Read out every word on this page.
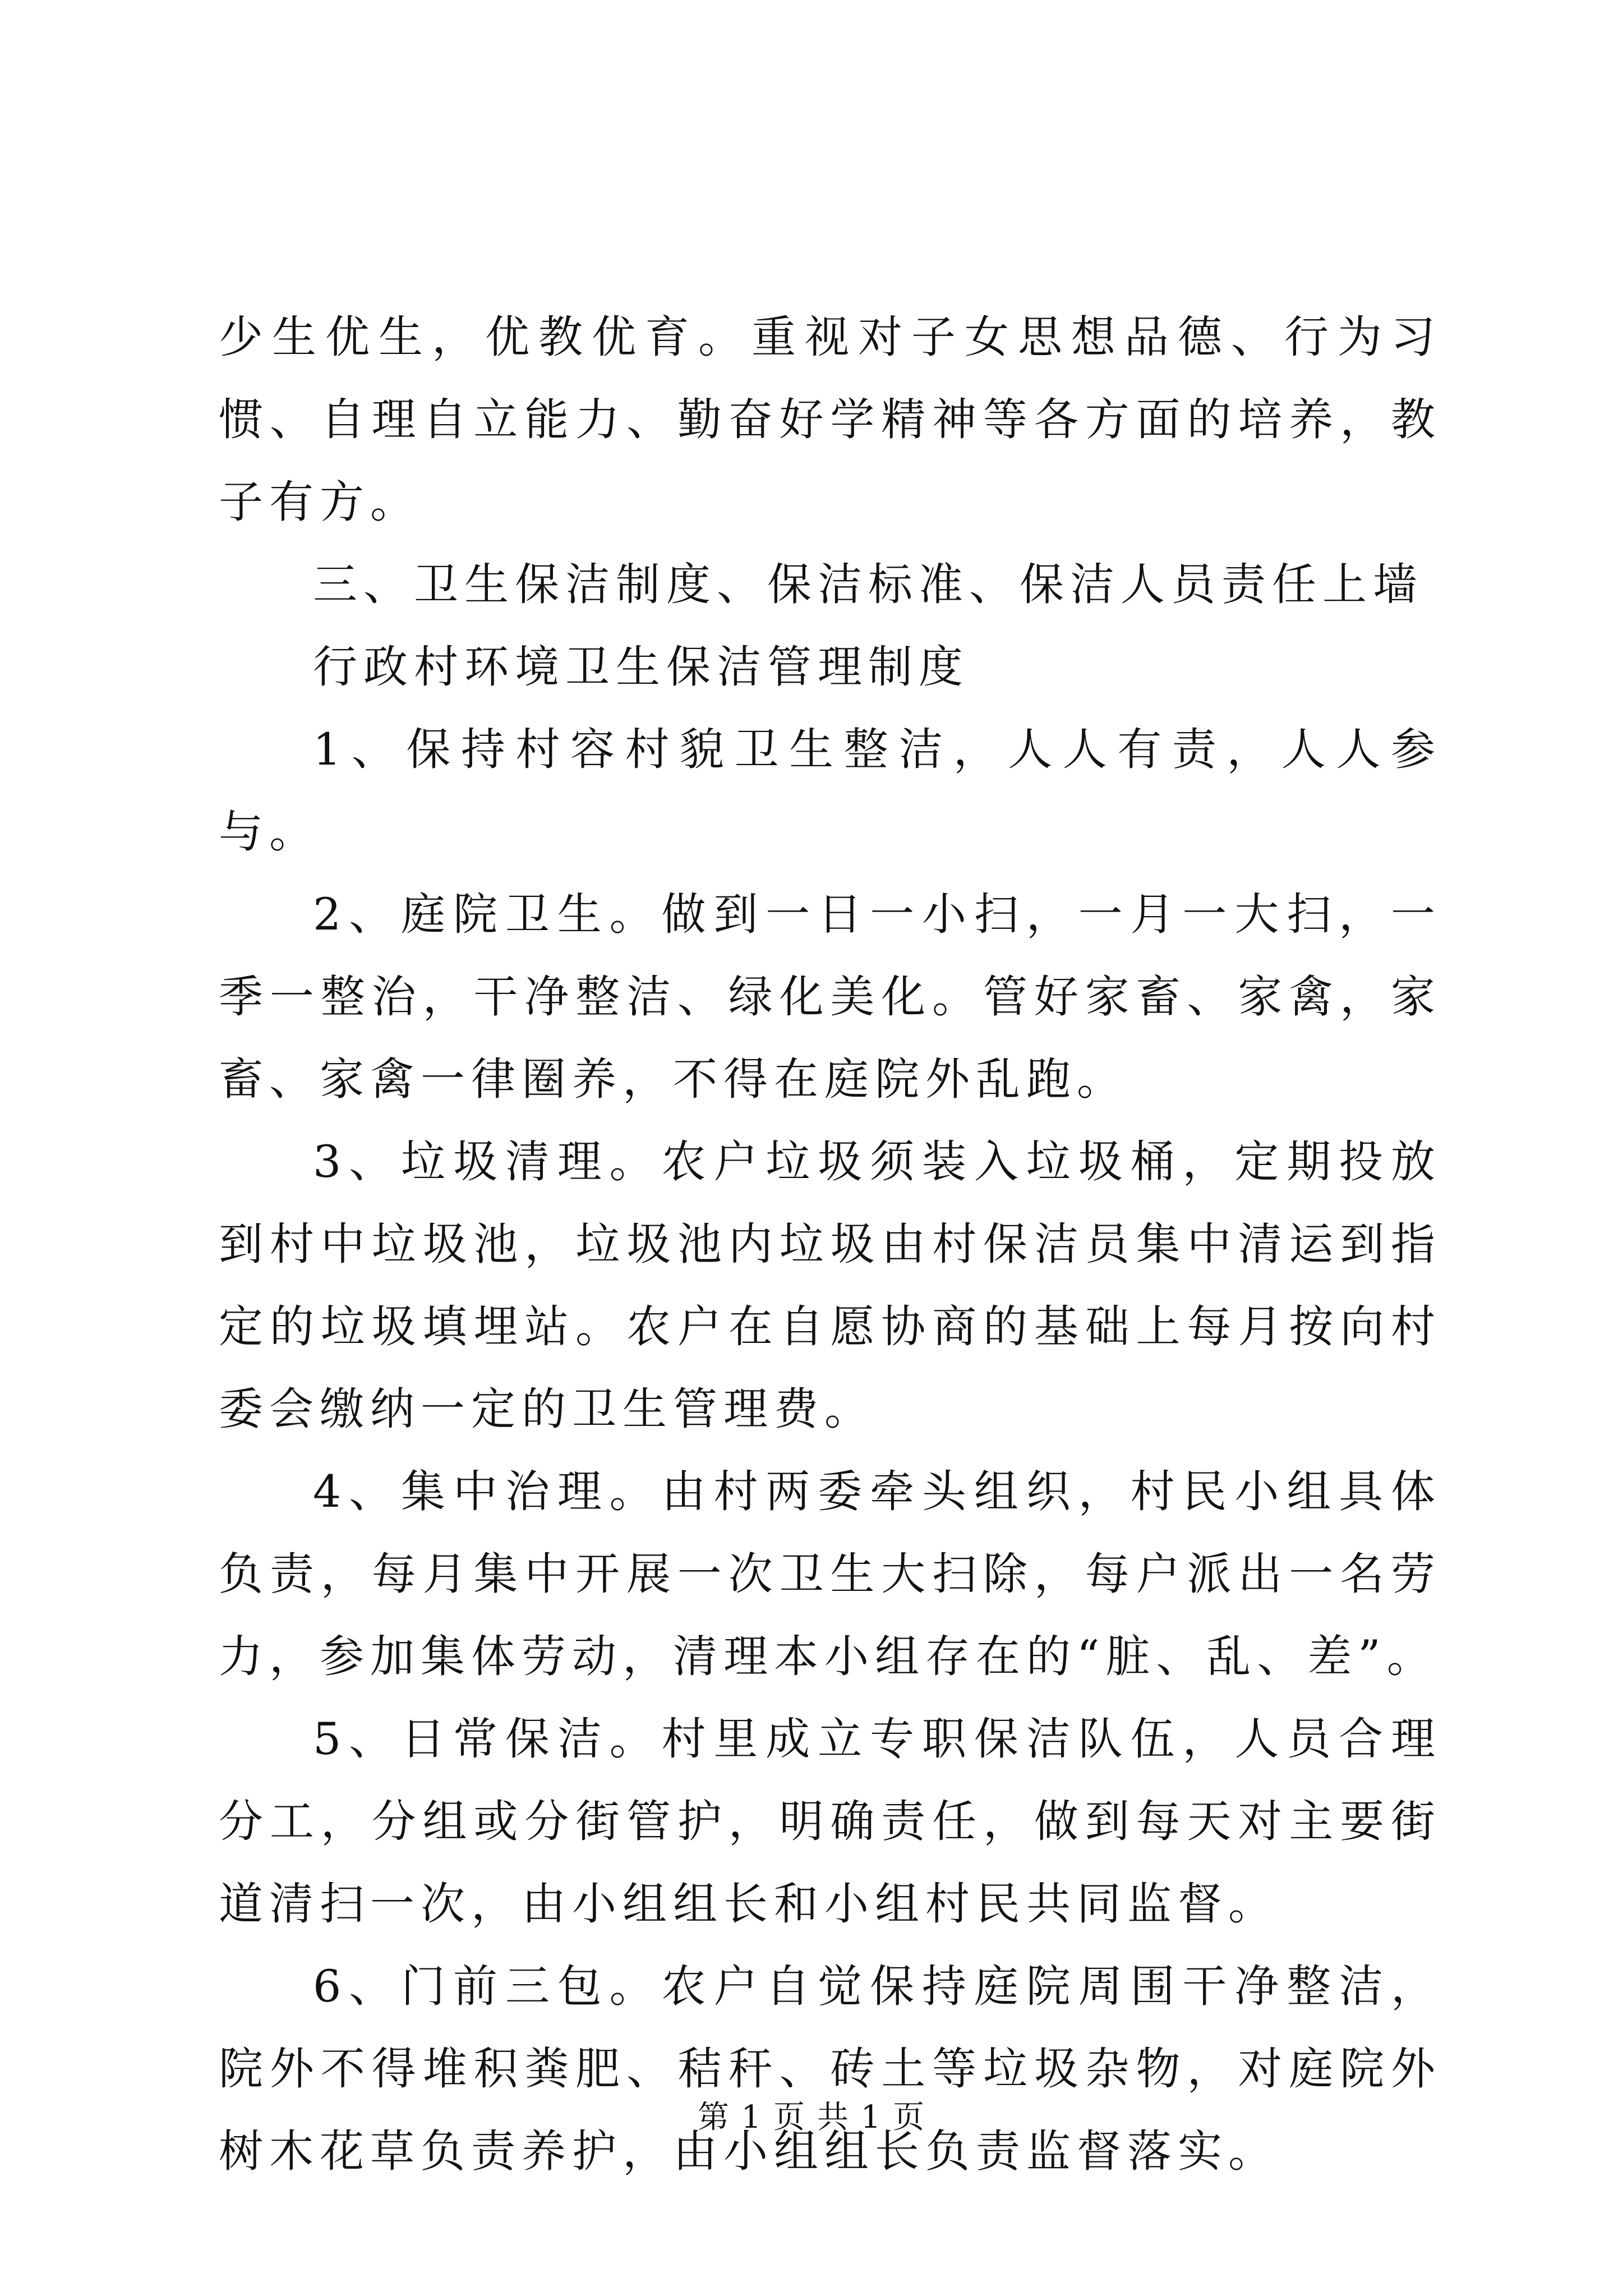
少生优生，优教优育。重视对子女思想品德、行为习惯、自理自立能力、勤奋好学精神等各方面的培养，教子有方。

三、卫生保洁制度、保洁标准、保洁人员责任上墙

行政村环境卫生保洁管理制度

1、保持村容村貌卫生整洁，人人有责，人人参与。

2、庭院卫生。做到一日一小扫，一月一大扫，一季一整治，干净整洁、绿化美化。管好家畜、家禽，家畜、家禽一律圈养，不得在庭院外乱跑。

3、垃圾清理。农户垃圾须装入垃圾桶，定期投放到村中垃圾池，垃圾池内垃圾由村保洁员集中清运到指定的垃圾填埋站。农户在自愿协商的基础上每月按向村委会缴纳一定的卫生管理费。

4、集中治理。由村两委牵头组织，村民小组具体负责，每月集中开展一次卫生大扫除，每户派出一名劳力，参加集体劳动，清理本小组存在的“脏、乱、差”。

5、日常保洁。村里成立专职保洁队伍，人员合理分工，分组或分街管护，明确责任，做到每天对主要街道清扫一次，由小组组长和小组村民共同监督。

6、门前三包。农户自觉保持庭院周围干净整洁，院外不得堆积粪肥、秸秆、砖土等垃圾杂物，对庭院外树木花草负责养护，由小组组长负责监督落实。

第 1 页 共 1 页
